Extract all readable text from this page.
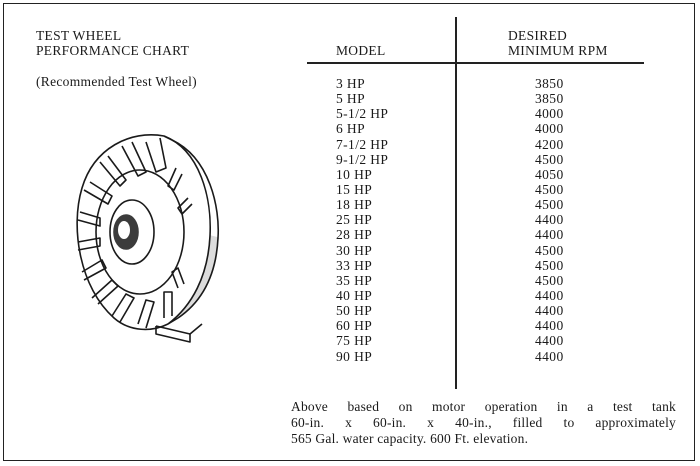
TEST WHEEL
PERFORMANCE CHART
(Recommended Test Wheel)
MODEL
DESIRED
MINIMUM RPM
3 HP
5 HP
5-1/2 HP
6 HP
7-1/2 HP
9-1/2 HP
10 HP
15 HP
18 HP
25 HP
28 HP
30 HP
33 HP
35 HP
40 HP
50 HP
60 HP
75 HP
90 HP
3850
3850
4000
4000
4200
4500
4050
4500
4500
4400
4400
4500
4500
4500
4400
4400
4400
4400
4400
Above based on motor operation in a test tank
60-in. x 60-in. x 40-in., filled to approximately
565 Gal. water capacity. 600 Ft. elevation.
